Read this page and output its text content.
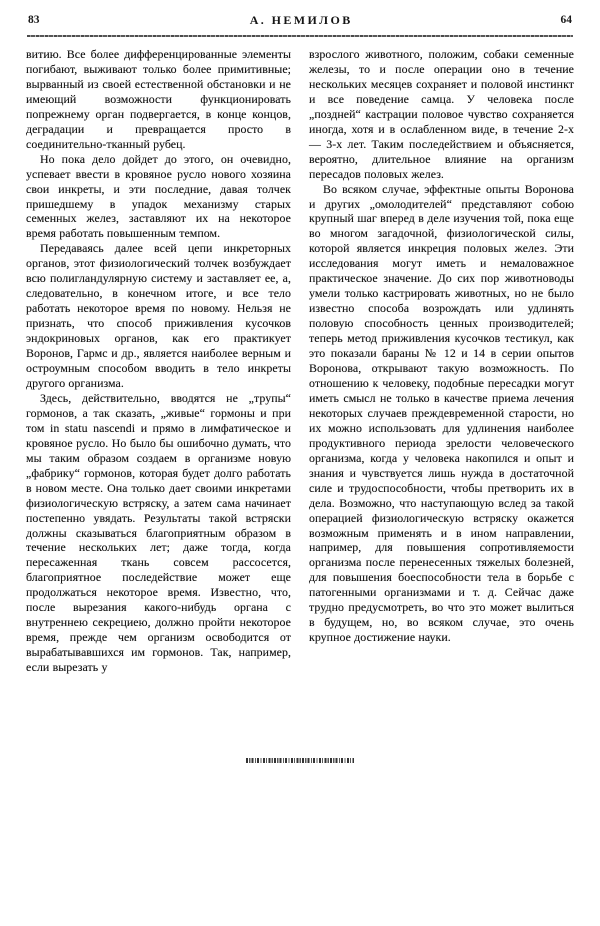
83	А. НЕМИЛОВ	64

витию. Все более дифференцированные элементы погибают, выживают только более примитивные; вырванный из своей естественной обстановки и не имеющий возможности функционировать попрежнему орган подвергается, в конце концов, деградации и превращается просто в соединительно-тканный рубец.

Но пока дело дойдет до этого, он очевидно, успевает ввести в кровяное русло нового хозяина свои инкреты, и эти последние, давая толчек пришедшему в упадок механизму старых семенных желез, заставляют их на некоторое время работать повышенным темпом.

Передаваясь далее всей цепи инкреторных органов, этот физиологический толчек возбуждает всю полигландулярную систему и заставляет ее, а, следовательно, в конечном итоге, и все тело работать некоторое время по новому. Нельзя не признать, что способ приживления кусочков эндокриновых органов, как его практикует Воронов, Гармс и др., является наиболее верным и остроумным способом вводить в тело инкреты другого организма.

Здесь, действительно, вводятся не „трупы“ гормонов, а так сказать, „живые“ гормоны и при том in statu nascendi и прямо в лимфатическое и кровяное русло. Но было бы ошибочно думать, что мы таким образом создаем в организме новую „фабрику“ гормонов, которая будет долго работать в новом месте. Она только дает своими инкретами физиологическую встряску, а затем сама начинает постепенно увядать. Результаты такой встряски должны сказываться благоприятным образом в течение нескольких лет; даже тогда, когда пересаженная ткань совсем рассосется, благоприятное последействие может еще продолжаться некоторое время. Известно, что, после вырезания какого-нибудь органа с внутреннею секрециею, должно пройти некоторое время, прежде чем организм освободится от вырабатывавшихся им гормонов. Так, например, если вырезать у

взрослого животного, положим, собаки семенные железы, то и после операции оно в течение нескольких месяцев сохраняет и половой инстинкт и все поведение самца. У человека после „поздней“ кастрации половое чувство сохраняется иногда, хотя и в ослабленном виде, в течение 2-х — 3-х лет. Таким последействием и объясняется, вероятно, длительное влияние на организм пересадов половых желез.

Во всяком случае, эффектные опыты Воронова и других „омолодителей“ представляют собою крупный шаг вперед в деле изучения той, пока еще во многом загадочной, физиологической силы, которой является инкреция половых желез. Эти исследования могут иметь и немаловажное практическое значение. До сих пор животноводы умели только кастрировать животных, но не было известно способа возрождать или удлинять половую способность ценных производителей; теперь метод приживления кусочков тестикул, как это показали бараны № 12 и 14 в серии опытов Воронова, открывают такую возможность. По отношению к человеку, подобные пересадки могут иметь смысл не только в качестве приема лечения некоторых случаев преждевременной старости, но их можно использовать для удлинения наиболее продуктивного периода зрелости человеческого организма, когда у человека накопился и опыт и знания и чувствуется лишь нужда в достаточной силе и трудоспособности, чтобы претворить их в дела. Возможно, что наступающую вслед за такой операцией физиологическую встряску окажется возможным применять и в ином направлении, например, для повышения сопротивляемости организма после перенесенных тяжелых болезней, для повышения боеспособности тела в борьбе с патогенными организмами и т. д. Сейчас даже трудно предусмотреть, во что это может вылиться в будущем, но, во всяком случае, это очень крупное достижение науки.
